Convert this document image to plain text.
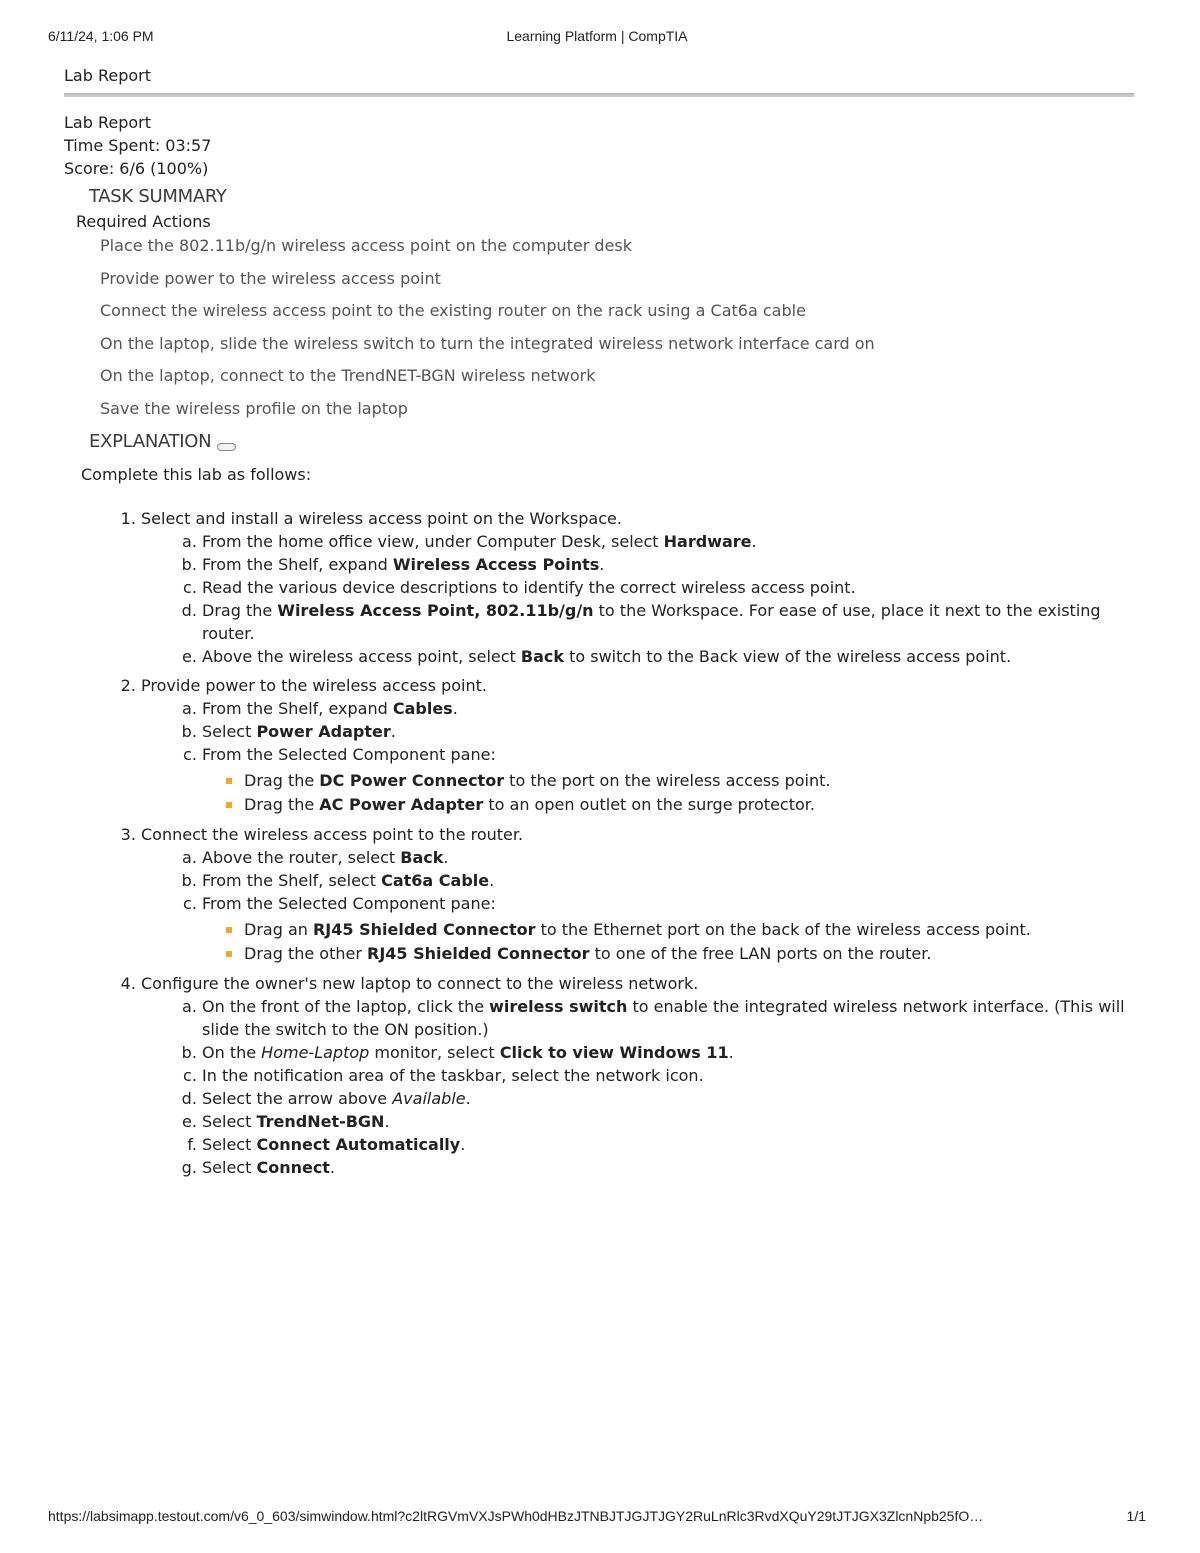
6/11/24, 1:06 PM	Learning Platform | CompTIA
Lab Report
Lab Report
Time Spent: 03:57
Score: 6/6 (100%)
TASK SUMMARY
Required Actions
Place the 802.11b/g/n wireless access point on the computer desk
Provide power to the wireless access point
Connect the wireless access point to the existing router on the rack using a Cat6a cable
On the laptop, slide the wireless switch to turn the integrated wireless network interface card on
On the laptop, connect to the TrendNET-BGN wireless network
Save the wireless profile on the laptop
EXPLANATION
Complete this lab as follows:
1. Select and install a wireless access point on the Workspace.
a. From the home office view, under Computer Desk, select Hardware.
b. From the Shelf, expand Wireless Access Points.
c. Read the various device descriptions to identify the correct wireless access point.
d. Drag the Wireless Access Point, 802.11b/g/n to the Workspace. For ease of use, place it next to the existing router.
e. Above the wireless access point, select Back to switch to the Back view of the wireless access point.
2. Provide power to the wireless access point.
a. From the Shelf, expand Cables.
b. Select Power Adapter.
c. From the Selected Component pane:
Drag the DC Power Connector to the port on the wireless access point.
Drag the AC Power Adapter to an open outlet on the surge protector.
3. Connect the wireless access point to the router.
a. Above the router, select Back.
b. From the Shelf, select Cat6a Cable.
c. From the Selected Component pane:
Drag an RJ45 Shielded Connector to the Ethernet port on the back of the wireless access point.
Drag the other RJ45 Shielded Connector to one of the free LAN ports on the router.
4. Configure the owner's new laptop to connect to the wireless network.
a. On the front of the laptop, click the wireless switch to enable the integrated wireless network interface. (This will slide the switch to the ON position.)
b. On the Home-Laptop monitor, select Click to view Windows 11.
c. In the notification area of the taskbar, select the network icon.
d. Select the arrow above Available.
e. Select TrendNet-BGN.
f. Select Connect Automatically.
g. Select Connect.
https://labsimapp.testout.com/v6_0_603/simwindow.html?c2ltRGVmVXJsPWh0dHBzJTNBJTJGJTJGY2RuLnRlc3RvdXQuY29tJTJGX3ZlcnNpb25fO…	1/1
